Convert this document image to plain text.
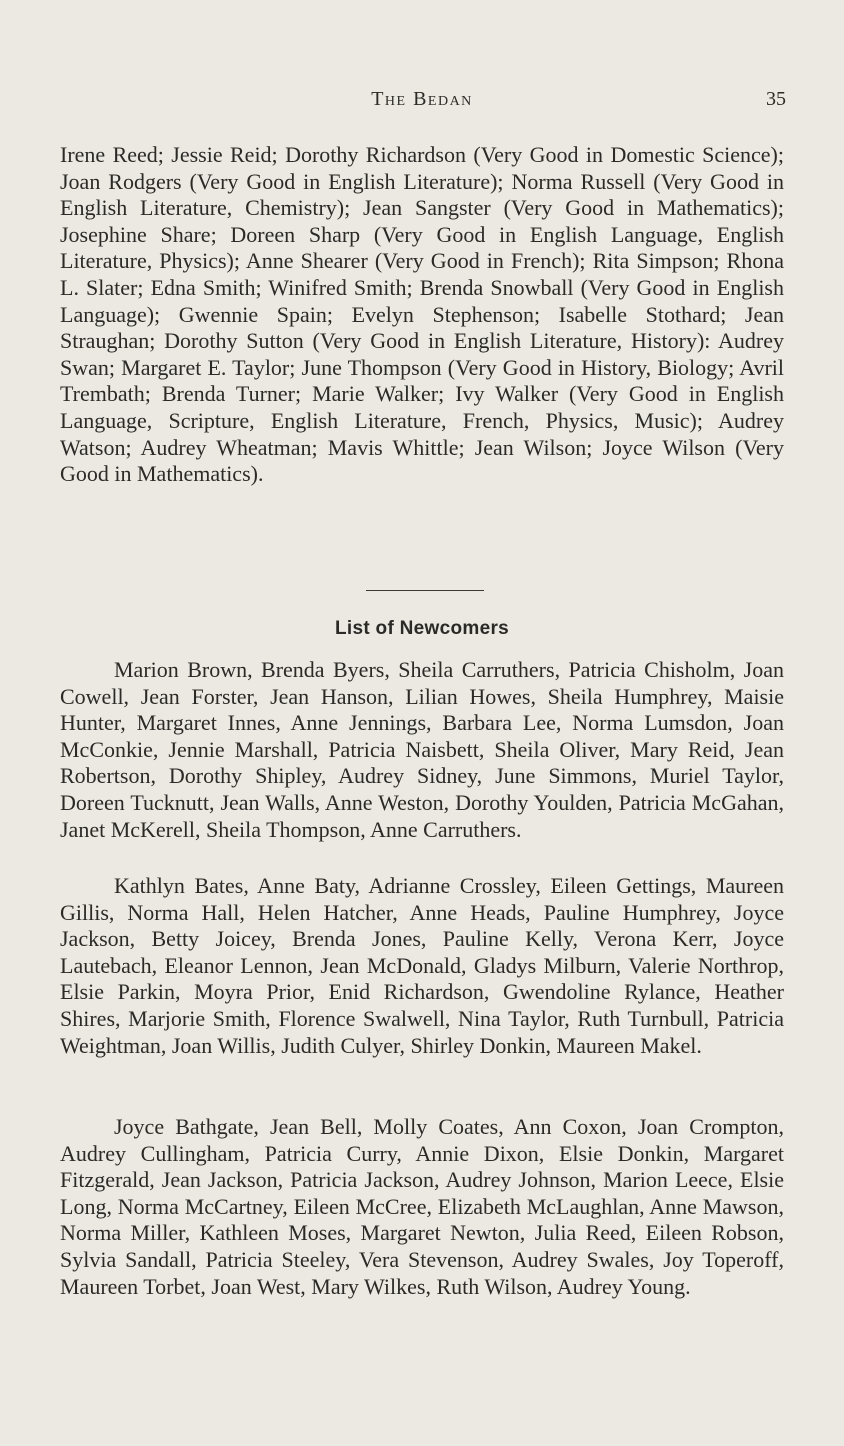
The Bedan	35

Irene Reed; Jessie Reid; Dorothy Richardson (Very Good in Domestic Science); Joan Rodgers (Very Good in English Literature); Norma Russell (Very Good in English Literature, Chemistry); Jean Sangster (Very Good in Mathematics); Josephine Share; Doreen Sharp (Very Good in English Language, English Literature, Physics); Anne Shearer (Very Good in French); Rita Simpson; Rhona L. Slater; Edna Smith; Winifred Smith; Brenda Snowball (Very Good in English Language); Gwennie Spain; Evelyn Stephenson; Isabelle Stothard; Jean Straughan; Dorothy Sutton (Very Good in English Literature, History): Audrey Swan; Margaret E. Taylor; June Thompson (Very Good in History, Biology; Avril Trembath; Brenda Turner; Marie Walker; Ivy Walker (Very Good in English Language, Scripture, English Literature, French, Physics, Music); Audrey Watson; Audrey Wheatman; Mavis Whittle; Jean Wilson; Joyce Wilson (Very Good in Mathematics).

List of Newcomers

Marion Brown, Brenda Byers, Sheila Carruthers, Patricia Chisholm, Joan Cowell, Jean Forster, Jean Hanson, Lilian Howes, Sheila Humphrey, Maisie Hunter, Margaret Innes, Anne Jennings, Barbara Lee, Norma Lumsdon, Joan McConkie, Jennie Marshall, Patricia Naisbett, Sheila Oliver, Mary Reid, Jean Robertson, Dorothy Shipley, Audrey Sidney, June Simmons, Muriel Taylor, Doreen Tucknutt, Jean Walls, Anne Weston, Dorothy Youlden, Patricia McGahan, Janet McKerell, Sheila Thompson, Anne Carruthers.

Kathlyn Bates, Anne Baty, Adrianne Crossley, Eileen Gettings, Maureen Gillis, Norma Hall, Helen Hatcher, Anne Heads, Pauline Humphrey, Joyce Jackson, Betty Joicey, Brenda Jones, Pauline Kelly, Verona Kerr, Joyce Lautebach, Eleanor Lennon, Jean McDonald, Gladys Milburn, Valerie Northrop, Elsie Parkin, Moyra Prior, Enid Richardson, Gwendoline Rylance, Heather Shires, Marjorie Smith, Florence Swalwell, Nina Taylor, Ruth Turnbull, Patricia Weightman, Joan Willis, Judith Culyer, Shirley Donkin, Maureen Makel.

Joyce Bathgate, Jean Bell, Molly Coates, Ann Coxon, Joan Crompton, Audrey Cullingham, Patricia Curry, Annie Dixon, Elsie Donkin, Margaret Fitzgerald, Jean Jackson, Patricia Jackson, Audrey Johnson, Marion Leece, Elsie Long, Norma McCartney, Eileen McCree, Elizabeth McLaughlan, Anne Mawson, Norma Miller, Kathleen Moses, Margaret Newton, Julia Reed, Eileen Robson, Sylvia Sandall, Patricia Steeley, Vera Stevenson, Audrey Swales, Joy Toperoff, Maureen Torbet, Joan West, Mary Wilkes, Ruth Wilson, Audrey Young.
